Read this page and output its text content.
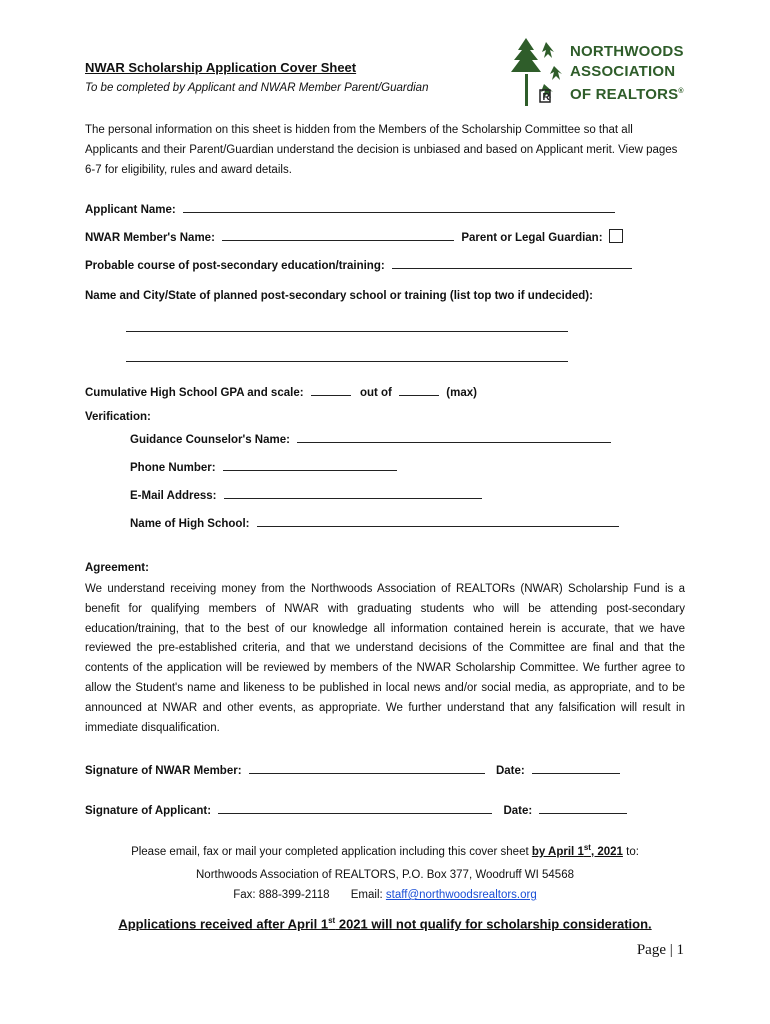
NWAR Scholarship Application Cover Sheet
To be completed by Applicant and NWAR Member Parent/Guardian
R
NORTHWOODS
ASSOCIATION
OF REALTORS®
The personal information on this sheet is hidden from the Members of the Scholarship Committee so that all Applicants and their Parent/Guardian understand the decision is unbiased and based on Applicant merit. View pages 6-7 for eligibility, rules and award details.
Applicant Name:
NWAR Member's Name:	Parent or Legal Guardian:
Probable course of post-secondary education/training:
Name and City/State of planned post-secondary school or training (list top two if undecided):
Cumulative High School GPA and scale:	out of	(max)
Verification:
Guidance Counselor's Name:
Phone Number:
E-Mail Address:
Name of High School:
Agreement:
We understand receiving money from the Northwoods Association of REALTORs (NWAR) Scholarship Fund is a benefit for qualifying members of NWAR with graduating students who will be attending post-secondary education/training, that to the best of our knowledge all information contained herein is accurate, that we have reviewed the pre-established criteria, and that we understand decisions of the Committee are final and that the contents of the application will be reviewed by members of the NWAR Scholarship Committee. We further agree to allow the Student's name and likeness to be published in local news and/or social media, as appropriate, and to be announced at NWAR and other events, as appropriate. We further understand that any falsification will result in immediate disqualification.
Signature of NWAR Member:	Date:
Signature of Applicant:	Date:
Please email, fax or mail your completed application including this cover sheet by April 1st, 2021 to:
Northwoods Association of REALTORS, P.O. Box 377, Woodruff WI 54568
Fax: 888-399-2118 Email: staff@northwoodsrealtors.org
Applications received after April 1st 2021 will not qualify for scholarship consideration.
Page | 1
